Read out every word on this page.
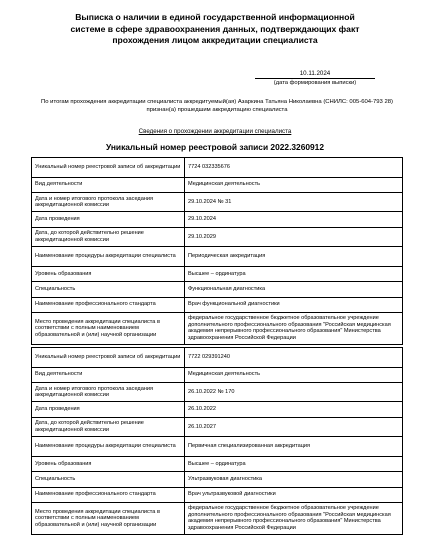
Выписка о наличии в единой государственной информационной
системе в сфере здравоохранения данных, подтверждающих факт
прохождения лицом аккредитации специалиста
10.11.2024
(дата формирования выписки)
По итогам прохождения аккредитации специалиста аккредитуемый(ая) Азаркина Татьяна Николаевна (СНИЛС: 005-604-793 28)
признан(а) прошедшим аккредитацию специалиста
Сведения о прохождении аккредитации специалиста
Уникальный номер реестровой записи 2022.3260912
Уникальный номер реестровой записи об аккредитации	7724 032335676
Вид деятельности	Медицинская деятельность
Дата и номер итогового протокола заседания аккредитационной комиссии	29.10.2024 № 31
Дата проведения	29.10.2024
Дата, до которой действительно решение аккредитационной комиссии	29.10.2029
Наименование процедуры аккредитации специалиста	Периодическая аккредитация
Уровень образования	Высшее – ординатура
Специальность	Функциональная диагностика
Наименование профессионального стандарта	Врач функциональной диагностики
Место проведения аккредитации специалиста в соответствии с полным наименованием образовательной и (или) научной организации	федеральное государственное бюджетное образовательное учреждение дополнительного профессионального образования "Российская медицинская академия непрерывного профессионального образования" Министерства здравоохранения Российской Федерации
Уникальный номер реестровой записи об аккредитации	7722 029391240
Вид деятельности	Медицинская деятельность
Дата и номер итогового протокола заседания аккредитационной комиссии	26.10.2022 № 170
Дата проведения	26.10.2022
Дата, до которой действительно решение аккредитационной комиссии	26.10.2027
Наименование процедуры аккредитации специалиста	Первичная специализированная аккредитация
Уровень образования	Высшее – ординатура
Специальность	Ультразвуковая диагностика
Наименование профессионального стандарта	Врач ультразвуковой диагностики
Место проведения аккредитации специалиста в соответствии с полным наименованием образовательной и (или) научной организации	федеральное государственное бюджетное образовательное учреждение дополнительного профессионального образования "Российская медицинская академия непрерывного профессионального образования" Министерства здравоохранения Российской Федерации
